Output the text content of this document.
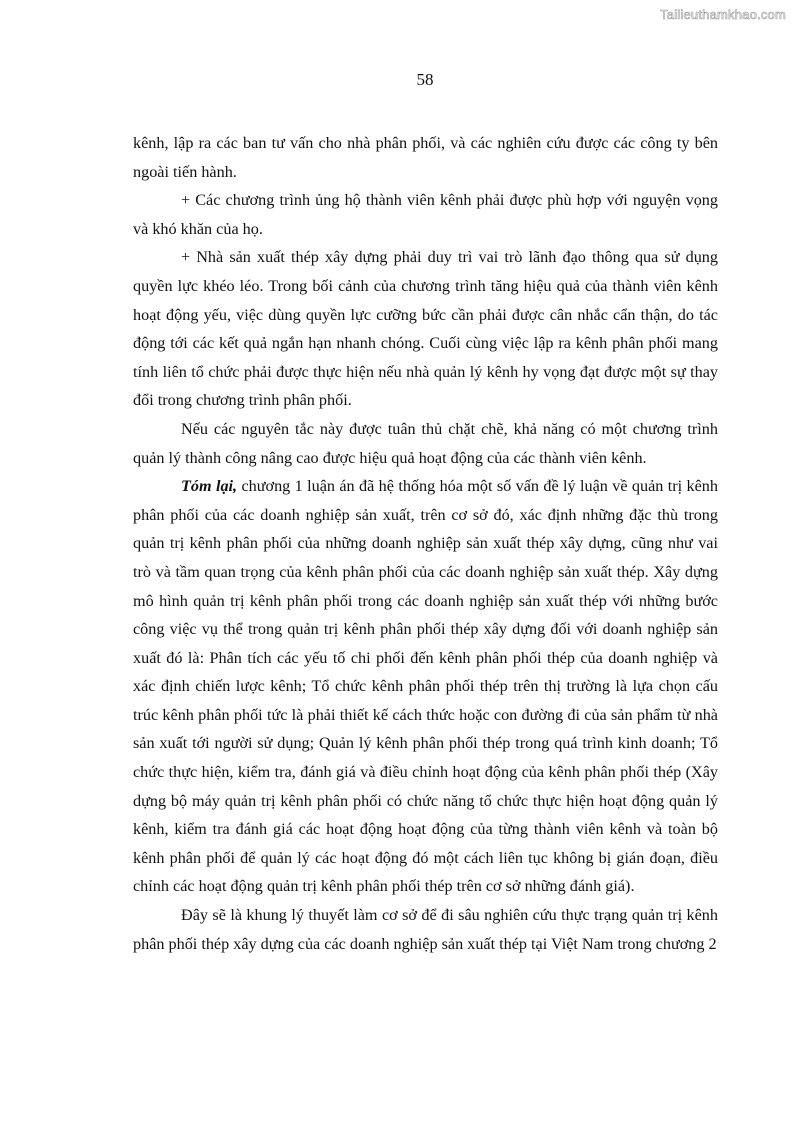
Tailieuthamkhao.com
58

kênh, lập ra các ban tư vấn cho nhà phân phối, và các nghiên cứu được các công ty bên ngoài tiến hành.

+ Các chương trình ủng hộ thành viên kênh phải được phù hợp với nguyện vọng và khó khăn của họ.

+ Nhà sản xuất thép xây dựng phải duy trì vai trò lãnh đạo thông qua sử dụng quyền lực khéo léo. Trong bối cảnh của chương trình tăng hiệu quả của thành viên kênh hoạt động yếu, việc dùng quyền lực cưỡng bức cần phải được cân nhắc cẩn thận, do tác động tới các kết quả ngắn hạn nhanh chóng. Cuối cùng việc lập ra kênh phân phối mang tính liên tổ chức phải được thực hiện nếu nhà quản lý kênh hy vọng đạt được một sự thay đổi trong chương trình phân phối.

Nếu các nguyên tắc này được tuân thủ chặt chẽ, khả năng có một chương trình quản lý thành công nâng cao được hiệu quả hoạt động của các thành viên kênh.

Tóm lại, chương 1 luận án đã hệ thống hóa một số vấn đề lý luận về quản trị kênh phân phối của các doanh nghiệp sản xuất, trên cơ sở đó, xác định những đặc thù trong quản trị kênh phân phối của những doanh nghiệp sản xuất thép xây dựng, cũng như vai trò và tầm quan trọng của kênh phân phối của các doanh nghiệp sản xuất thép. Xây dựng mô hình quản trị kênh phân phối trong các doanh nghiệp sản xuất thép với những bước công việc vụ thể trong quản trị kênh phân phối thép xây dựng đối với doanh nghiệp sản xuất đó là: Phân tích các yếu tố chi phối đến kênh phân phối thép của doanh nghiệp và xác định chiến lược kênh; Tổ chức kênh phân phối thép trên thị trường là lựa chọn cấu trúc kênh phân phối tức là phải thiết kế cách thức hoặc con đường đi của sản phẩm từ nhà sản xuất tới người sử dụng; Quản lý kênh phân phối thép trong quá trình kinh doanh; Tổ chức thực hiện, kiểm tra, đánh giá và điều chỉnh hoạt động của kênh phân phối thép (Xây dựng bộ máy quản trị kênh phân phối có chức năng tổ chức thực hiện hoạt động quản lý kênh, kiểm tra đánh giá các hoạt động hoạt động của từng thành viên kênh và toàn bộ kênh phân phối để quản lý các hoạt động đó một cách liên tục không bị gián đoạn, điều chỉnh các hoạt động quản trị kênh phân phối thép trên cơ sở những đánh giá).

Đây sẽ là khung lý thuyết làm cơ sở để đi sâu nghiên cứu thực trạng quản trị kênh phân phối thép xây dựng của các doanh nghiệp sản xuất thép tại Việt Nam trong chương 2
